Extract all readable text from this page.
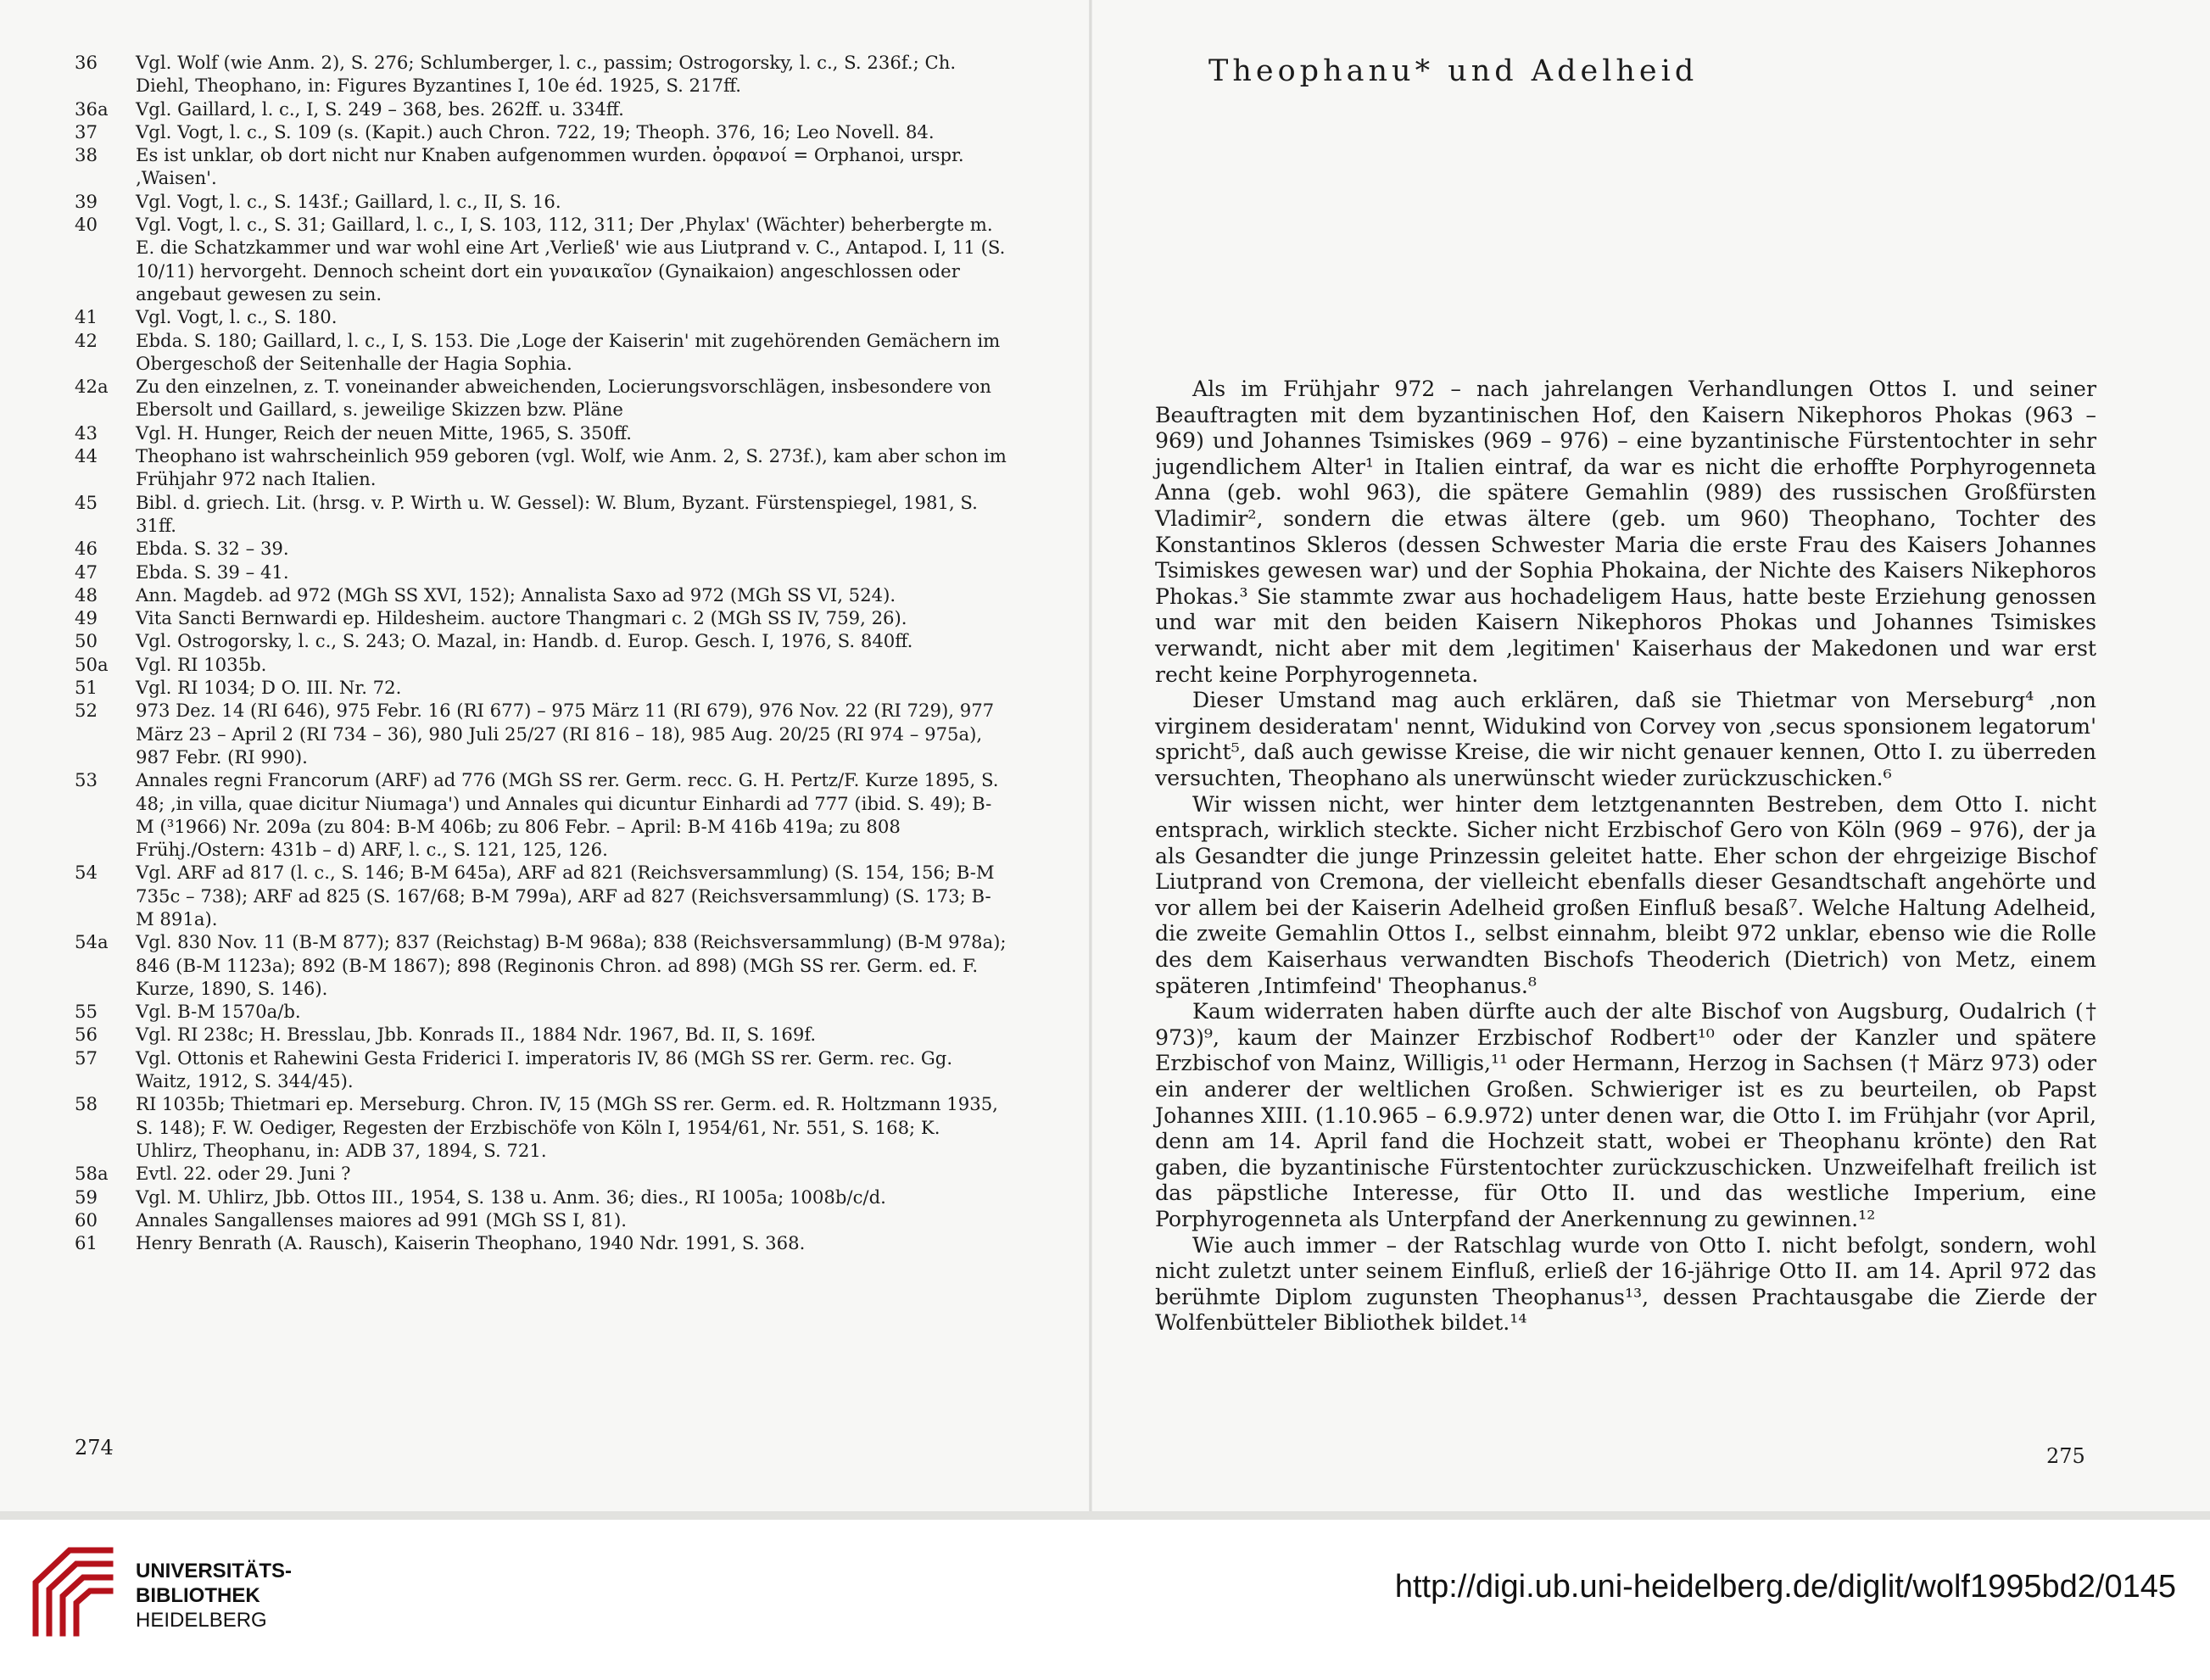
36 Vgl. Wolf (wie Anm. 2), S. 276; Schlumberger, l. c., passim; Ostrogorsky, l. c., S. 236f.; Ch. Diehl, Theophano, in: Figures Byzantines I, 10e éd. 1925, S. 217ff.
36a Vgl. Gaillard, l. c., I, S. 249 – 368, bes. 262ff. u. 334ff.
37 Vgl. Vogt, l. c., S. 109 (s. (Kapit.) auch Chron. 722, 19; Theoph. 376, 16; Leo Novell. 84.
38 Es ist unklar, ob dort nicht nur Knaben aufgenommen wurden. ὀρφανοί = Orphanoi, urspr. ‚Waisen'.
39 Vgl. Vogt, l. c., S. 143f.; Gaillard, l. c., II, S. 16.
40 Vgl. Vogt, l. c., S. 31; Gaillard, l. c., I, S. 103, 112, 311; Der ‚Phylax' (Wächter) beherbergte m. E. die Schatzkammer und war wohl eine Art ‚Verließ' wie aus Liutprand v. C., Antapod. I, 11 (S. 10/11) hervorgeht. Dennoch scheint dort ein γυναικαῖον (Gynaikaion) angeschlossen oder angebaut gewesen zu sein.
41 Vgl. Vogt, l. c., S. 180.
42 Ebda. S. 180; Gaillard, l. c., I, S. 153. Die ‚Loge der Kaiserin' mit zugehörenden Gemächern im Obergeschoß der Seitenhalle der Hagia Sophia.
42a Zu den einzelnen, z. T. voneinander abweichenden, Locierungsvorschlägen, insbesondere von Ebersolt und Gaillard, s. jeweilige Skizzen bzw. Pläne
43 Vgl. H. Hunger, Reich der neuen Mitte, 1965, S. 350ff.
44 Theophano ist wahrscheinlich 959 geboren (vgl. Wolf, wie Anm. 2, S. 273f.), kam aber schon im Frühjahr 972 nach Italien.
45 Bibl. d. griech. Lit. (hrsg. v. P. Wirth u. W. Gessel): W. Blum, Byzant. Fürstenspiegel, 1981, S. 31ff.
46 Ebda. S. 32 – 39.
47 Ebda. S. 39 – 41.
48 Ann. Magdeb. ad 972 (MGh SS XVI, 152); Annalista Saxo ad 972 (MGh SS VI, 524).
49 Vita Sancti Bernwardi ep. Hildesheim. auctore Thangmari c. 2 (MGh SS IV, 759, 26).
50 Vgl. Ostrogorsky, l. c., S. 243; O. Mazal, in: Handb. d. Europ. Gesch. I, 1976, S. 840ff.
50a Vgl. RI 1035b.
51 Vgl. RI 1034; D O. III. Nr. 72.
52 973 Dez. 14 (RI 646), 975 Febr. 16 (RI 677) – 975 März 11 (RI 679), 976 Nov. 22 (RI 729), 977 März 23 – April 2 (RI 734 – 36), 980 Juli 25/27 (RI 816 – 18), 985 Aug. 20/25 (RI 974 – 975a), 987 Febr. (RI 990).
53 Annales regni Francorum (ARF) ad 776 (MGh SS rer. Germ. recc. G. H. Pertz/F. Kurze 1895, S. 48; ‚in villa, quae dicitur Niumaga') und Annales qui dicuntur Einhardi ad 777 (ibid. S. 49); B-M (³1966) Nr. 209a (zu 804: B-M 406b; zu 806 Febr. – April: B-M 416b 419a; zu 808 Frühj./Ostern: 431b – d) ARF, l. c., S. 121, 125, 126.
54 Vgl. ARF ad 817 (l. c., S. 146; B-M 645a), ARF ad 821 (Reichsversammlung) (S. 154, 156; B-M 735c – 738); ARF ad 825 (S. 167/68; B-M 799a), ARF ad 827 (Reichsversammlung) (S. 173; B-M 891a).
54a Vgl. 830 Nov. 11 (B-M 877); 837 (Reichstag) B-M 968a); 838 (Reichsversammlung) (B-M 978a); 846 (B-M 1123a); 892 (B-M 1867); 898 (Reginonis Chron. ad 898) (MGh SS rer. Germ. ed. F. Kurze, 1890, S. 146).
55 Vgl. B-M 1570a/b.
56 Vgl. RI 238c; H. Bresslau, Jbb. Konrads II., 1884 Ndr. 1967, Bd. II, S. 169f.
57 Vgl. Ottonis et Rahewini Gesta Friderici I. imperatoris IV, 86 (MGh SS rer. Germ. rec. Gg. Waitz, 1912, S. 344/45).
58 RI 1035b; Thietmari ep. Merseburg. Chron. IV, 15 (MGh SS rer. Germ. ed. R. Holtzmann 1935, S. 148); F. W. Oediger, Regesten der Erzbischöfe von Köln I, 1954/61, Nr. 551, S. 168; K. Uhlirz, Theophanu, in: ADB 37, 1894, S. 721.
58a Evtl. 22. oder 29. Juni ?
59 Vgl. M. Uhlirz, Jbb. Ottos III., 1954, S. 138 u. Anm. 36; dies., RI 1005a; 1008b/c/d.
60 Annales Sangallenses maiores ad 991 (MGh SS I, 81).
61 Henry Benrath (A. Rausch), Kaiserin Theophano, 1940 Ndr. 1991, S. 368.
274
Theophanu* und Adelheid

Als im Frühjahr 972 – nach jahrelangen Verhandlungen Ottos I. und seiner Beauftragten mit dem byzantinischen Hof, den Kaisern Nikephoros Phokas (963 – 969) und Johannes Tsimiskes (969 – 976) – eine byzantinische Fürstentochter in sehr jugendlichem Alter¹ in Italien eintraf, da war es nicht die erhoffte Porphyrogenneta Anna (geb. wohl 963), die spätere Gemahlin (989) des russischen Großfürsten Vladimir², sondern die etwas ältere (geb. um 960) Theophano, Tochter des Konstantinos Skleros (dessen Schwester Maria die erste Frau des Kaisers Johannes Tsimiskes gewesen war) und der Sophia Phokaina, der Nichte des Kaisers Nikephoros Phokas.³ Sie stammte zwar aus hochadeligem Haus, hatte beste Erziehung genossen und war mit den beiden Kaisern Nikephoros Phokas und Johannes Tsimiskes verwandt, nicht aber mit dem ‚legitimen' Kaiserhaus der Makedonen und war erst recht keine Porphyrogenneta.

Dieser Umstand mag auch erklären, daß sie Thietmar von Merseburg⁴ ‚non virginem desideratam' nennt, Widukind von Corvey von ‚secus sponsionem legatorum' spricht⁵, daß auch gewisse Kreise, die wir nicht genauer kennen, Otto I. zu überreden versuchten, Theophano als unerwünscht wieder zurückzuschicken.⁶

Wir wissen nicht, wer hinter dem letztgenannten Bestreben, dem Otto I. nicht entsprach, wirklich steckte. Sicher nicht Erzbischof Gero von Köln (969 – 976), der ja als Gesandter die junge Prinzessin geleitet hatte. Eher schon der ehrgeizige Bischof Liutprand von Cremona, der vielleicht ebenfalls dieser Gesandtschaft angehörte und vor allem bei der Kaiserin Adelheid großen Einfluß besaß⁷. Welche Haltung Adelheid, die zweite Gemahlin Ottos I., selbst einnahm, bleibt 972 unklar, ebenso wie die Rolle des dem Kaiserhaus verwandten Bischofs Theoderich (Dietrich) von Metz, einem späteren ‚Intimfeind' Theophanus.⁸

Kaum widerraten haben dürfte auch der alte Bischof von Augsburg, Oudalrich († 973)⁹, kaum der Mainzer Erzbischof Rodbert¹⁰ oder der Kanzler und spätere Erzbischof von Mainz, Willigis,¹¹ oder Hermann, Herzog in Sachsen († März 973) oder ein anderer der weltlichen Großen. Schwieriger ist es zu beurteilen, ob Papst Johannes XIII. (1.10.965 – 6.9.972) unter denen war, die Otto I. im Frühjahr (vor April, denn am 14. April fand die Hochzeit statt, wobei er Theophanu krönte) den Rat gaben, die byzantinische Fürstentochter zurückzuschicken. Unzweifelhaft freilich ist das päpstliche Interesse, für Otto II. und das westliche Imperium, eine Porphyrogenneta als Unterpfand der Anerkennung zu gewinnen.¹²

Wie auch immer – der Ratschlag wurde von Otto I. nicht befolgt, sondern, wohl nicht zuletzt unter seinem Einfluß, erließ der 16-jährige Otto II. am 14. April 972 das berühmte Diplom zugunsten Theophanus¹³, dessen Prachtausgabe die Zierde der Wolfenbütteler Bibliothek bildet.¹⁴

275
UNIVERSITÄTS-
BIBLIOTHEK
HEIDELBERG
http://digi.ub.uni-heidelberg.de/diglit/wolf1995bd2/0145
